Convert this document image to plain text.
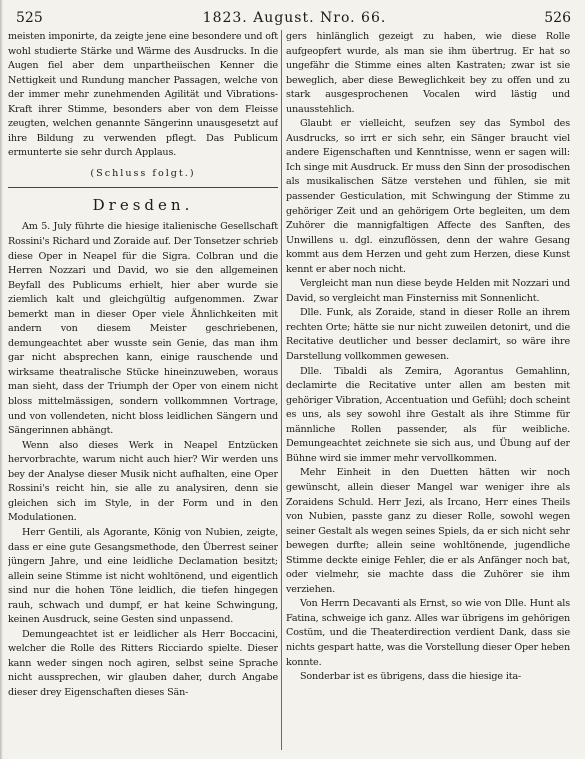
525	1823. August. Nro. 66.	526

meisten imponirte, da zeigte jene eine besondere und oft wohl studierte Stärke und Wärme des Ausdrucks. In die Augen fiel aber dem unpartheiischen Kenner die Nettigkeit und Rundung mancher Passagen, welche von der immer mehr zunehmenden Agilität und Vibrations-Kraft ihrer Stimme, besonders aber von dem Fleisse zeugten, welchen genannte Sängerinn unausgesetzt auf ihre Bildung zu verwenden pflegt. Das Publicum ermunterte sie sehr durch Applaus.

(Schluss folgt.)
Dresden.

Am 5. July führte die hiesige italienische Gesellschaft Rossini's Richard und Zoraide auf. Der Tonsetzer schrieb diese Oper in Neapel für die Sigra. Colbran und die Herren Nozzari und David, wo sie den allgemeinen Beyfall des Publicums erhielt, hier aber wurde sie ziemlich kalt und gleichgültig aufgenommen. Zwar bemerkt man in dieser Oper viele Ähnlichkeiten mit andern von diesem Meister geschriebenen, demungeachtet aber wusste sein Genie, das man ihm gar nicht absprechen kann, einige rauschende und wirksame theatralische Stücke hineinzuweben, woraus man sieht, dass der Triumph der Oper von einem nicht bloss mittelmässigen, sondern vollkommnen Vortrage, und von vollendeten, nicht bloss leidlichen Sängern und Sängerinnen abhängt.

Wenn also dieses Werk in Neapel Entzücken hervorbrachte, warum nicht auch hier? Wir werden uns bey der Analyse dieser Musik nicht aufhalten, eine Oper Rossini's reicht hin, sie alle zu analysiren, denn sie gleichen sich im Style, in der Form und in den Modulationen.

Herr Gentili, als Agorante, König von Nubien, zeigte, dass er eine gute Gesangsmethode, den Überrest seiner jüngern Jahre, und eine leidliche Declamation besitzt; allein seine Stimme ist nicht wohltönend, und eigentlich sind nur die hohen Töne leidlich, die tiefen hingegen rauh, schwach und dumpf, er hat keine Schwingung, keinen Ausdruck, seine Gesten sind unpassend.

Demungeachtet ist er leidlicher als Herr Boccacini, welcher die Rolle des Ritters Ricciardo spielte. Dieser kann weder singen noch agiren, selbst seine Sprache nicht aussprechen, wir glauben daher, durch Angabe dieser drey Eigenschaften dieses Sän-

gers hinlänglich gezeigt zu haben, wie diese Rolle aufgeopfert wurde, als man sie ihm übertrug. Er hat so ungefähr die Stimme eines alten Kastraten; zwar ist sie beweglich, aber diese Beweglichkeit bey zu offen und zu stark ausgesprochenen Vocalen wird lästig und unausstehlich.

Glaubt er vielleicht, seufzen sey das Symbol des Ausdrucks, so irrt er sich sehr, ein Sänger braucht viel andere Eigenschaften und Kenntnisse, wenn er sagen will: Ich singe mit Ausdruck. Er muss den Sinn der prosodischen als musikalischen Sätze verstehen und fühlen, sie mit passender Gesticulation, mit Schwingung der Stimme zu gehöriger Zeit und an gehörigem Orte begleiten, um dem Zuhörer die mannigfaltigen Affecte des Sanften, des Unwillens u. dgl. einzuflössen, denn der wahre Gesang kommt aus dem Herzen und geht zum Herzen, diese Kunst kennt er aber noch nicht.

Vergleicht man nun diese beyde Helden mit Nozzari und David, so vergleicht man Finsterniss mit Sonnenlicht.

Dlle. Funk, als Zoraide, stand in dieser Rolle an ihrem rechten Orte; hätte sie nur nicht zuweilen detonirt, und die Recitative deutlicher und besser declamirt, so wäre ihre Darstellung vollkommen gewesen.

Dlle. Tibaldi als Zemira, Agorantus Gemahlinn, declamirte die Recitative unter allen am besten mit gehöriger Vibration, Accentuation und Gefühl; doch scheint es uns, als sey sowohl ihre Gestalt als ihre Stimme für männliche Rollen passender, als für weibliche. Demungeachtet zeichnete sie sich aus, und Übung auf der Bühne wird sie immer mehr vervollkommen.

Mehr Einheit in den Duetten hätten wir noch gewünscht, allein dieser Mangel war weniger ihre als Zoraidens Schuld. Herr Jezi, als Ircano, Herr eines Theils von Nubien, passte ganz zu dieser Rolle, sowohl wegen seiner Gestalt als wegen seines Spiels, da er sich nicht sehr bewegen durfte; allein seine wohltönende, jugendliche Stimme deckte einige Fehler, die er als Anfänger noch bat, oder vielmehr, sie machte dass die Zuhörer sie ihm verziehen.

Von Herrn Decavanti als Ernst, so wie von Dlle. Hunt als Fatina, schweige ich ganz. Alles war übrigens im gehörigen Costüm, und die Theaterdirection verdient Dank, dass sie nichts gespart hatte, was die Vorstellung dieser Oper heben konnte.

Sonderbar ist es übrigens, dass die hiesige ita-
